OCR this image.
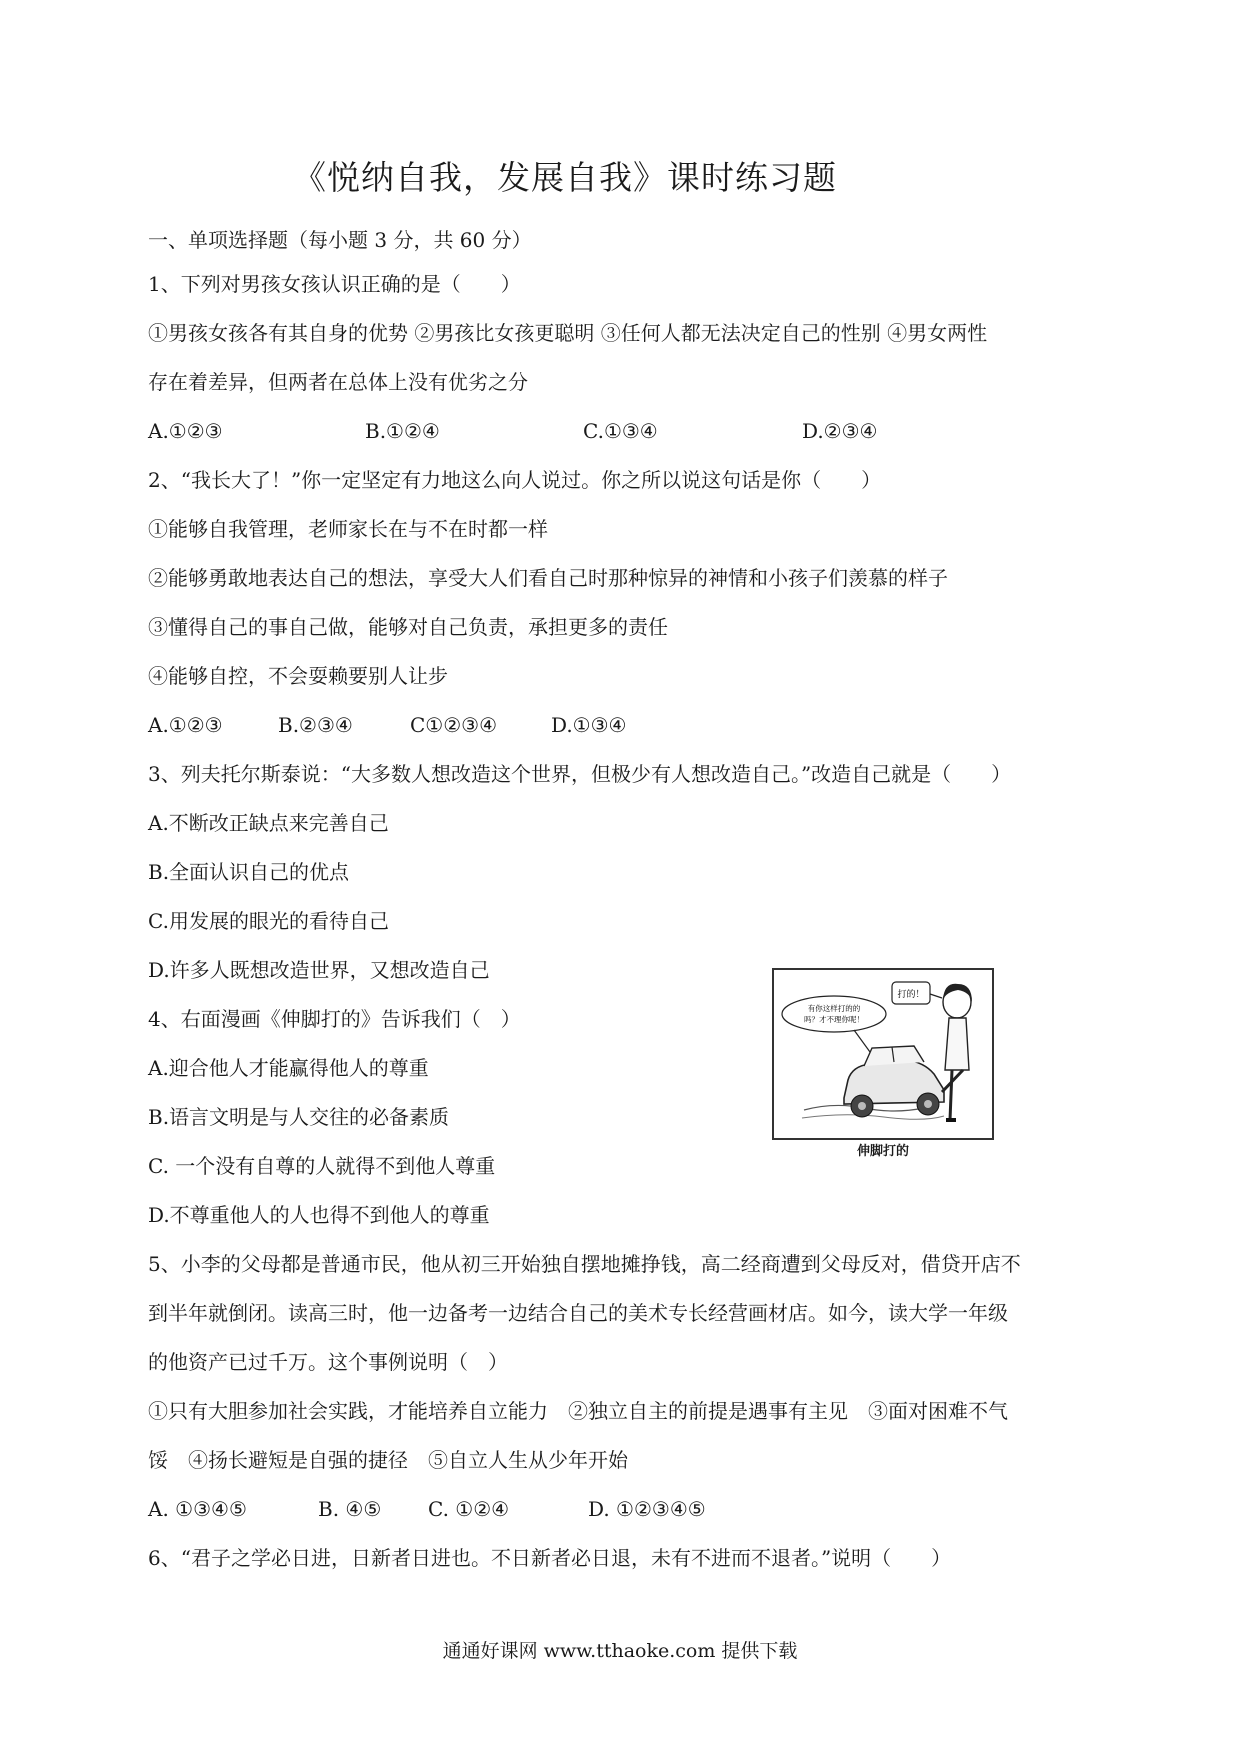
《悦纳自我，发展自我》课时练习题
一、单项选择题（每小题 3 分，共 60 分）
1、下列对男孩女孩认识正确的是（　　）
①男孩女孩各有其自身的优势 ②男孩比女孩更聪明 ③任何人都无法决定自己的性别 ④男女两性
存在着差异，但两者在总体上没有优劣之分
A.①②③	B.①②④	C.①③④	D.②③④
2、“我长大了！”你一定坚定有力地这么向人说过。你之所以说这句话是你（　　）
①能够自我管理，老师家长在与不在时都一样
②能够勇敢地表达自己的想法，享受大人们看自己时那种惊异的神情和小孩子们羡慕的样子
③懂得自己的事自己做，能够对自己负责，承担更多的责任
④能够自控，不会耍赖要别人让步
A.①②③	B.②③④	C①②③④	D.①③④
3、列夫托尔斯泰说：“大多数人想改造这个世界，但极少有人想改造自己。”改造自己就是（　　）
A.不断改正缺点来完善自己
B.全面认识自己的优点
C.用发展的眼光的看待自己
D.许多人既想改造世界，又想改造自己
4、右面漫画《伸脚打的》告诉我们（　）
A.迎合他人才能赢得他人的尊重
B.语言文明是与人交往的必备素质
C. 一个没有自尊的人就得不到他人尊重
D.不尊重他人的人也得不到他人的尊重
打的！
有你这样打的的
吗？才不理你呢！
伸脚打的
5、小李的父母都是普通市民，他从初三开始独自摆地摊挣钱，高二经商遭到父母反对，借贷开店不
到半年就倒闭。读高三时，他一边备考一边结合自己的美术专长经营画材店。如今，读大学一年级
的他资产已过千万。这个事例说明（　）
①只有大胆参加社会实践，才能培养自立能力　②独立自主的前提是遇事有主见　③面对困难不气
馁　④扬长避短是自强的捷径　⑤自立人生从少年开始
A. ①③④⑤	B. ④⑤ C. ①②④	D. ①②③④⑤
6、“君子之学必日进，日新者日进也。不日新者必日退，未有不进而不退者。”说明（　　）
通通好课网 www.tthaoke.com 提供下载
